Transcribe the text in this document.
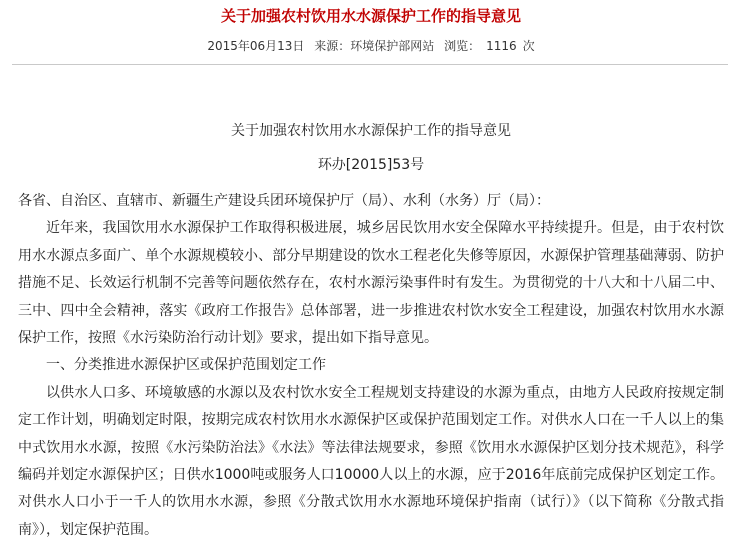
关于加强农村饮用水水源保护工作的指导意见
2015年06月13日 来源：环境保护部网站 浏览： 1116 次
关于加强农村饮用水水源保护工作的指导意见
环办[2015]53号

各省、自治区、直辖市、新疆生产建设兵团环境保护厅（局）、水利（水务）厅（局）：

近年来，我国饮用水水源保护工作取得积极进展，城乡居民饮用水安全保障水平持续提升。但是，由于农村饮用水水源点多面广、单个水源规模较小、部分早期建设的饮水工程老化失修等原因，水源保护管理基础薄弱、防护措施不足、长效运行机制不完善等问题依然存在，农村水源污染事件时有发生。为贯彻党的十八大和十八届二中、三中、四中全会精神，落实《政府工作报告》总体部署，进一步推进农村饮水安全工程建设，加强农村饮用水水源保护工作，按照《水污染防治行动计划》要求，提出如下指导意见。

一、分类推进水源保护区或保护范围划定工作

以供水人口多、环境敏感的水源以及农村饮水安全工程规划支持建设的水源为重点，由地方人民政府按规定制定工作计划，明确划定时限，按期完成农村饮用水水源保护区或保护范围划定工作。对供水人口在一千人以上的集中式饮用水水源，按照《水污染防治法》《水法》等法律法规要求，参照《饮用水水源保护区划分技术规范》，科学编码并划定水源保护区；日供水1000吨或服务人口10000人以上的水源，应于2016年底前完成保护区划定工作。对供水人口小于一千人的饮用水水源，参照《分散式饮用水水源地环境保护指南（试行）》（以下简称《分散式指南》），划定保护范围。
